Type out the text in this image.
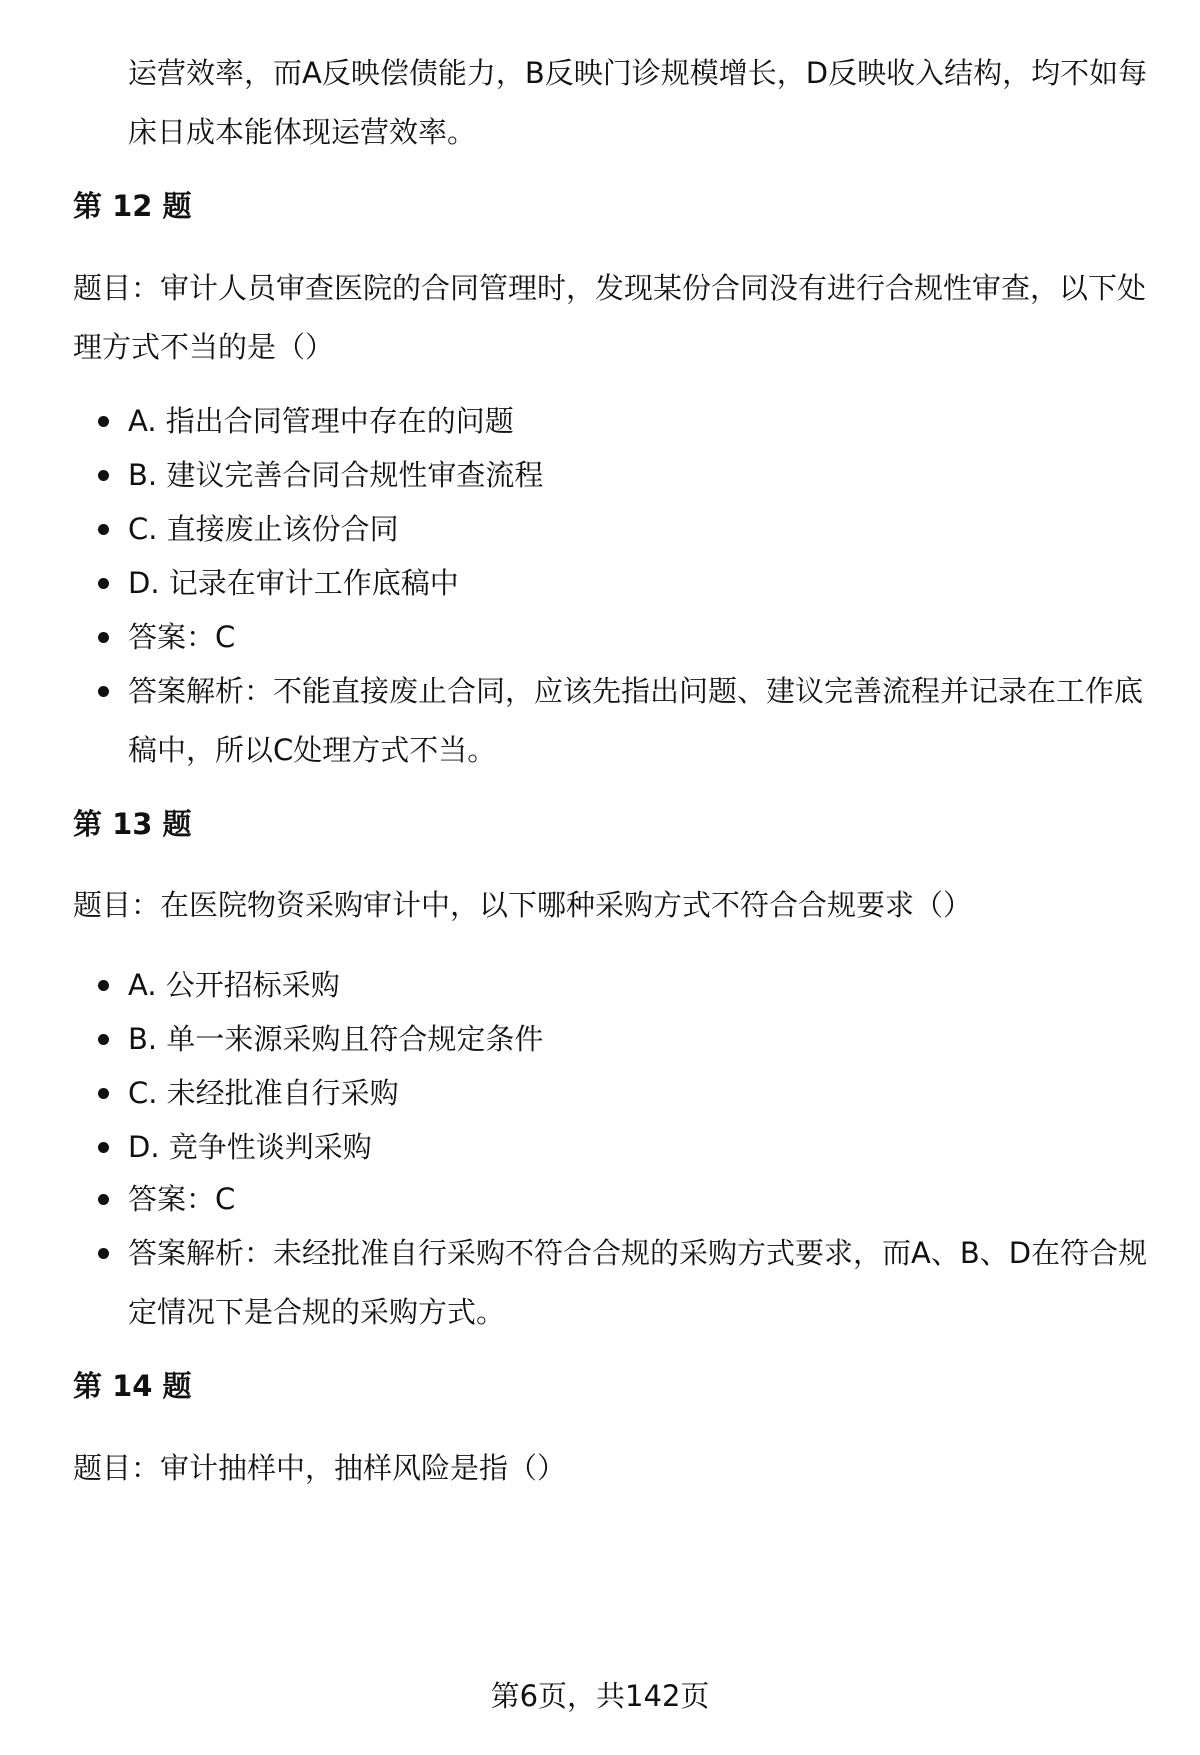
运营效率，而A反映偿债能力，B反映门诊规模增长，D反映收入结构，均不如每床日成本能体现运营效率。

第 12 题

题目：审计人员审查医院的合同管理时，发现某份合同没有进行合规性审查，以下处理方式不当的是（）

A. 指出合同管理中存在的问题

B. 建议完善合同合规性审查流程

C. 直接废止该份合同

D. 记录在审计工作底稿中

答案：C

答案解析：不能直接废止合同，应该先指出问题、建议完善流程并记录在工作底稿中，所以C处理方式不当。

第 13 题

题目：在医院物资采购审计中，以下哪种采购方式不符合合规要求（）

A. 公开招标采购

B. 单一来源采购且符合规定条件

C. 未经批准自行采购

D. 竞争性谈判采购

答案：C

答案解析：未经批准自行采购不符合合规的采购方式要求，而A、B、D在符合规定情况下是合规的采购方式。

第 14 题

题目：审计抽样中，抽样风险是指（）

第6页，共142页
